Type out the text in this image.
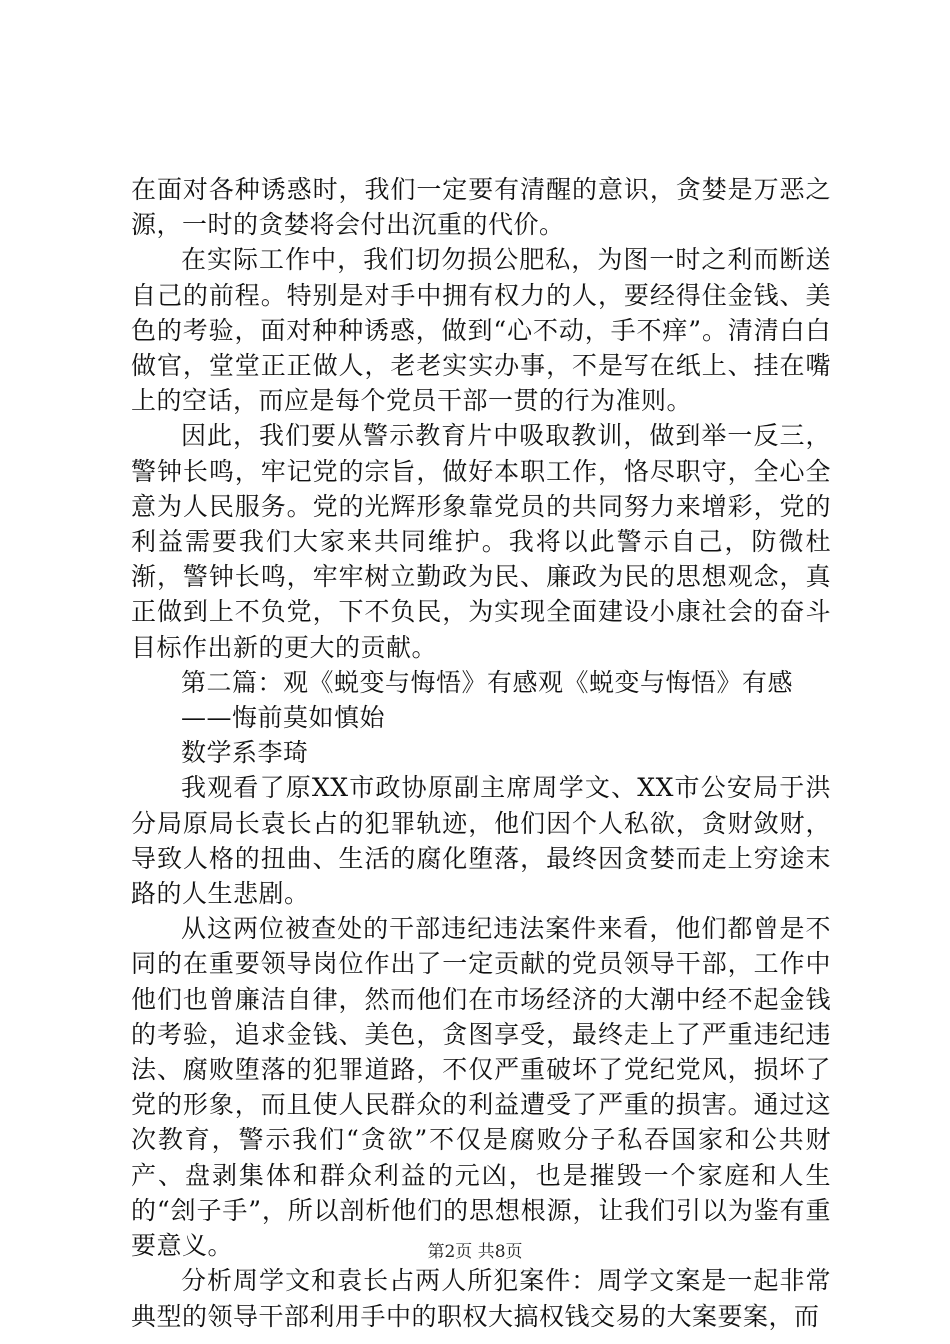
在面对各种诱惑时，我们一定要有清醒的意识，贪婪是万恶之源，一时的贪婪将会付出沉重的代价。

在实际工作中，我们切勿损公肥私，为图一时之利而断送自己的前程。特别是对手中拥有权力的人，要经得住金钱、美色的考验，面对种种诱惑，做到“心不动，手不痒”。清清白白做官，堂堂正正做人，老老实实办事，不是写在纸上、挂在嘴上的空话，而应是每个党员干部一贯的行为准则。

因此，我们要从警示教育片中吸取教训，做到举一反三，警钟长鸣，牢记党的宗旨，做好本职工作，恪尽职守，全心全意为人民服务。党的光辉形象靠党员的共同努力来增彩，党的利益需要我们大家来共同维护。我将以此警示自己，防微杜渐，警钟长鸣，牢牢树立勤政为民、廉政为民的思想观念，真正做到上不负党，下不负民，为实现全面建设小康社会的奋斗目标作出新的更大的贡献。

第二篇：观《蜕变与悔悟》有感观《蜕变与悔悟》有感

——悔前莫如慎始

数学系李琦

我观看了原XX市政协原副主席周学文、XX市公安局于洪分局原局长袁长占的犯罪轨迹，他们因个人私欲，贪财敛财，导致人格的扭曲、生活的腐化堕落，最终因贪婪而走上穷途末路的人生悲剧。

从这两位被查处的干部违纪违法案件来看，他们都曾是不同的在重要领导岗位作出了一定贡献的党员领导干部，工作中他们也曾廉洁自律，然而他们在市场经济的大潮中经不起金钱的考验，追求金钱、美色，贪图享受，最终走上了严重违纪违法、腐败堕落的犯罪道路，不仅严重破坏了党纪党风，损坏了党的形象，而且使人民群众的利益遭受了严重的损害。通过这次教育，警示我们“贪欲”不仅是腐败分子私吞国家和公共财产、盘剥集体和群众利益的元凶，也是摧毁一个家庭和人生的“刽子手”，所以剖析他们的思想根源，让我们引以为鉴有重要意义。

分析周学文和袁长占两人所犯案件：周学文案是一起非常典型的领导干部利用手中的职权大搞权钱交易的大案要案，而

第2页 共8页
